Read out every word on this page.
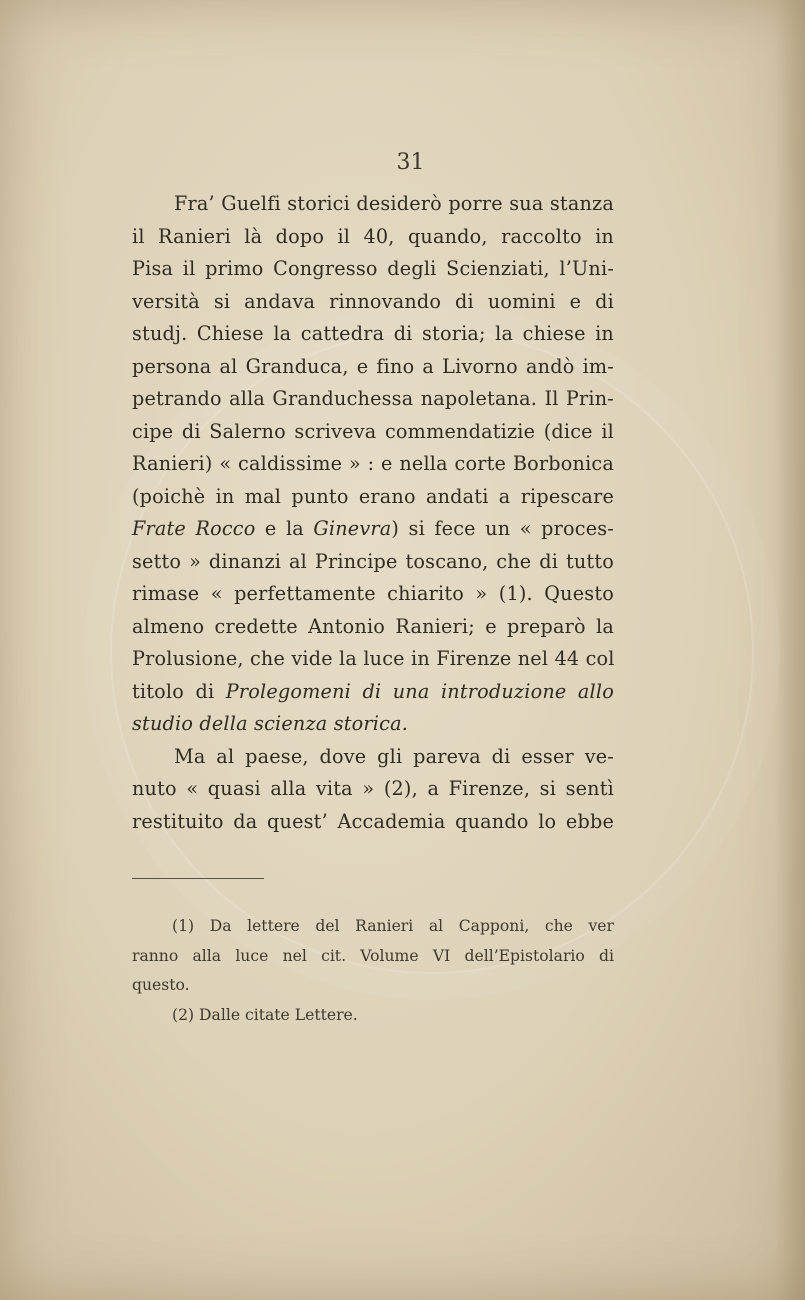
31
Fra’ Guelfi storici desiderò porre sua stanza
il Ranieri là dopo il 40, quando, raccolto in
Pisa il primo Congresso degli Scienziati, l’Uni-
versità si andava rinnovando di uomini e di
studj. Chiese la cattedra di storia; la chiese in
persona al Granduca, e fino a Livorno andò im-
petrando alla Granduchessa napoletana. Il Prin-
cipe di Salerno scriveva commendatizie (dice il
Ranieri) « caldissime » : e nella corte Borbonica
(poichè in mal punto erano andati a ripescare
Frate Rocco e la Ginevra) si fece un « proces-
setto » dinanzi al Principe toscano, che di tutto
rimase « perfettamente chiarito » (1). Questo
almeno credette Antonio Ranieri; e preparò la
Prolusione, che vide la luce in Firenze nel 44 col
titolo di Prolegomeni di una introduzione allo
studio della scienza storica.
Ma al paese, dove gli pareva di esser ve-
nuto « quasi alla vita » (2), a Firenze, si sentì
restituito da quest’ Accademia quando lo ebbe
(1) Da lettere del Ranieri al Capponi, che ver
ranno alla luce nel cit. Volume VI dell’Epistolario di
questo.
(2) Dalle citate Lettere.
